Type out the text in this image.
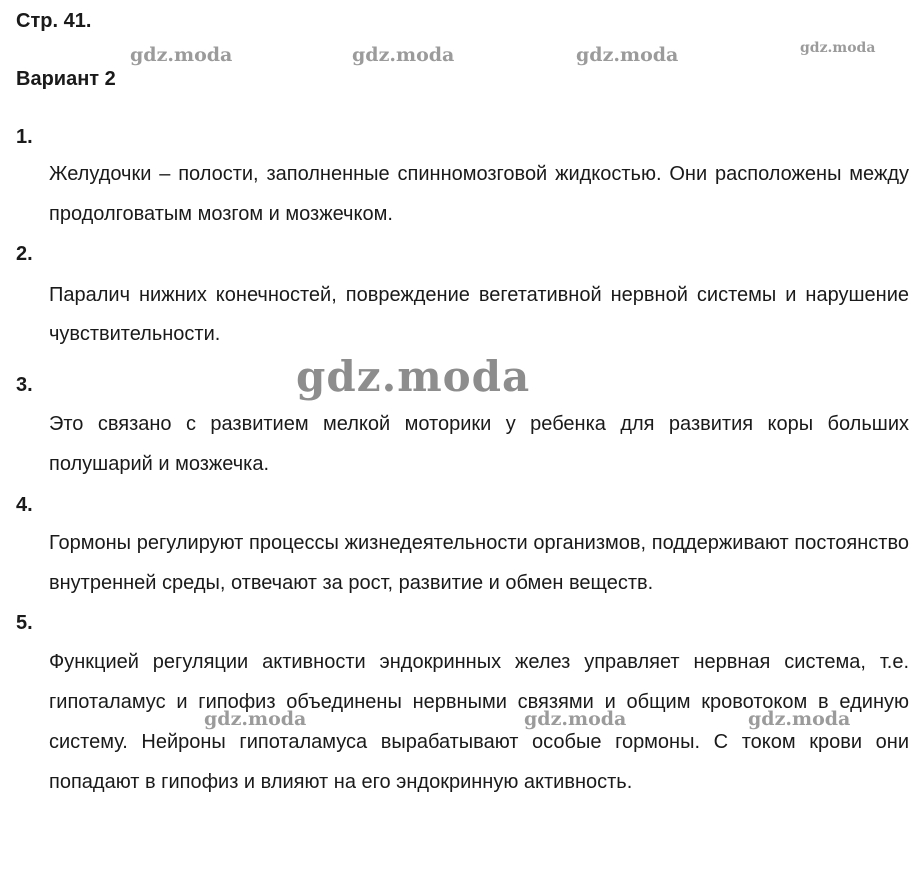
Стр. 41.
Вариант 2
1.
Желудочки – полости, заполненные спинномозговой жидкостью. Они расположены между продолговатым мозгом и мозжечком.
2.
Паралич нижних конечностей, повреждение вегетативной нервной системы и нарушение чувствительности.
3.
Это связано с развитием мелкой моторики у ребенка для развития коры больших полушарий и мозжечка.
4.
Гормоны регулируют процессы жизнедеятельности организмов, поддерживают постоянство внутренней среды, отвечают за рост, развитие и обмен веществ.
5.
Функцией регуляции активности эндокринных желез управляет нервная система, т.е. гипоталамус и гипофиз объединены нервными связями и общим кровотоком в единую систему. Нейроны гипоталамуса вырабатывают особые гормоны. С током крови они попадают в гипофиз и влияют на его эндокринную активность.
gdz.moda	gdz.moda	gdz.moda	gdz.moda
gdz.moda
gdz.moda	gdz.moda	gdz.moda
